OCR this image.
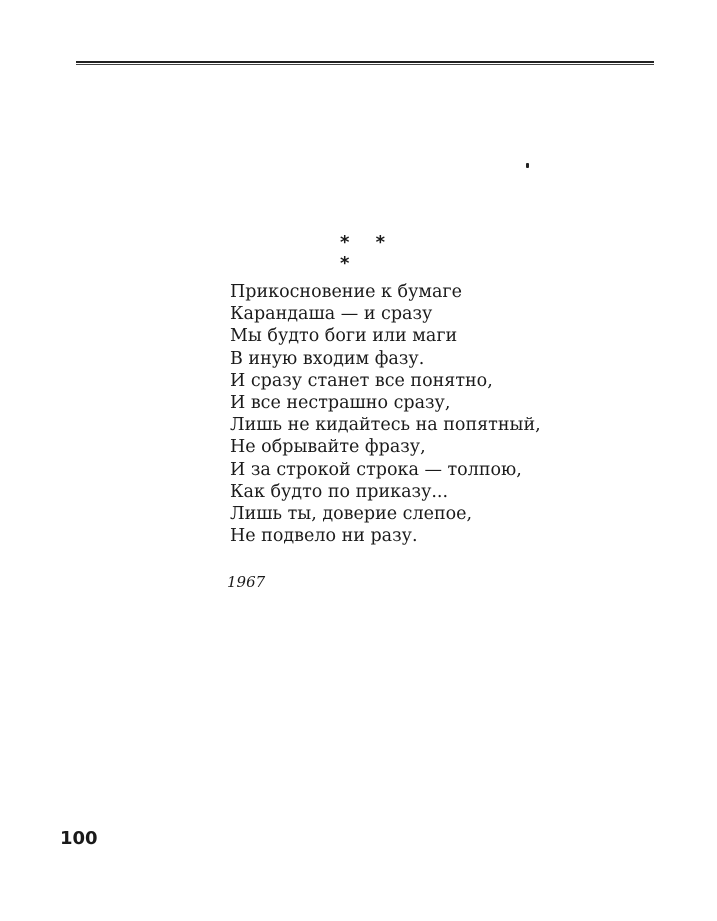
* * *
Прикосновение к бумаге
Карандаша — и сразу
Мы будто боги или маги
В иную входим фазу.
И сразу станет все понятно,
И все нестрашно сразу,
Лишь не кидайтесь на попятный,
Не обрывайте фразу,
И за строкой строка — толпою,
Как будто по приказу...
Лишь ты, доверие слепое,
Не подвело ни разу.
1967
100
